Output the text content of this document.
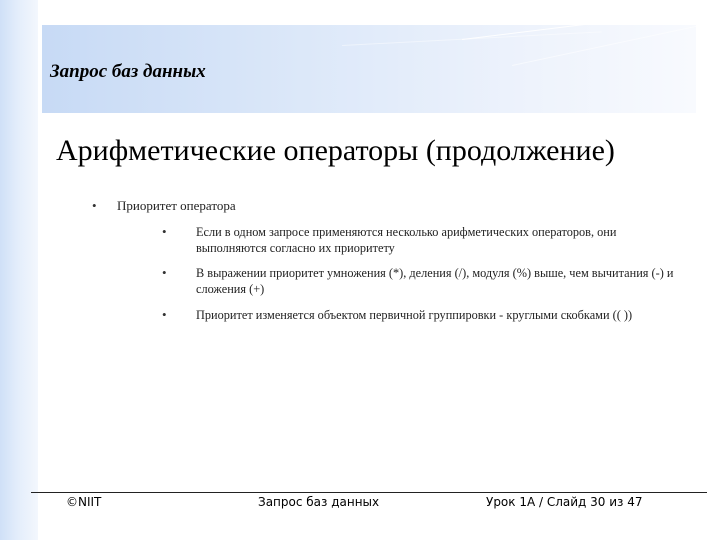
Запрос баз данных
Арифметические операторы (продолжение)
• Приоритет оператора
• Если в одном запросе применяются несколько арифметических операторов, они выполняются согласно их приоритету
• В выражении приоритет умножения (*), деления (/), модуля (%) выше, чем вычитания (-) и сложения (+)
• Приоритет изменяется объектом первичной группировки - круглыми скобками (( ))
©NIIT	Запрос баз данных	Урок 1A / Слайд 30 из 47
